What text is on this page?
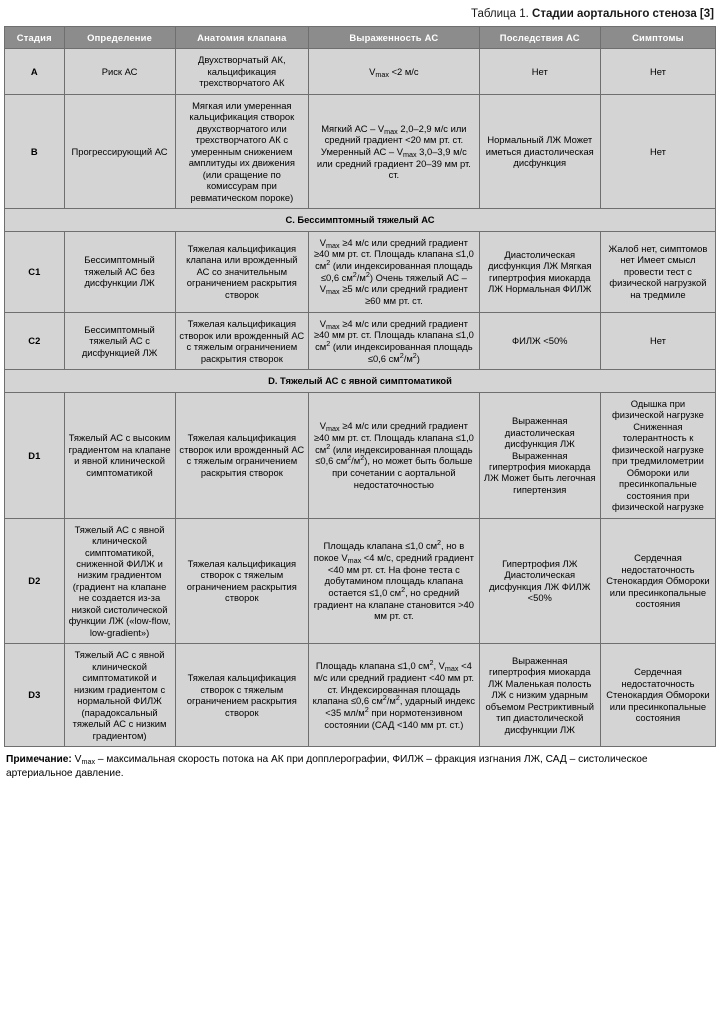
Таблица 1. Стадии аортального стеноза [3]
Стадия	Определение	Анатомия клапана	Выраженность АС	Последствия АС	Симптомы

A	Риск АС	Двухстворчатый АК, кальцификация трехстворчатого АК	$V_{max} <2$ м/с	Нет	Нет

B	Прогрессирующий АС	Мягкая или умеренная кальцификация створок двухстворчатого или трехстворчатого АК с умеренным снижением амплитуды их движения (или сращение по комиссурам при ревматическом пороке)	Мягкий АС – $V_{max}$ 2,0–2,9 м/с или средний градиент <20 мм рт. ст. Умеренный АС – $V_{max}$ 3,0–3,9 м/с или средний градиент 20–39 мм рт. ст.	Нормальный ЛЖ Может иметься диастолическая дисфункция	Нет

C. Бессимптомный тяжелый АС					

C1	Бессимптомный тяжелый АС без дисфункции ЛЖ	Тяжелая кальцификация клапана или врожденный АС со значительным ограничением раскрытия створок	$V_{max} \ge 4$ м/с или средний градиент ≥40 мм рт. ст. Площадь клапана ≤1,0 $см^2$ (или индексированная площадь ≤0,6 $см^2/м^2$) Очень тяжелый АС – $V_{max} \ge 5$ м/с или средний градиент ≥60 мм рт. ст.	Диастолическая дисфункция ЛЖ Мягкая гипертрофия миокарда ЛЖ Нормальная ФИЛЖ	Жалоб нет, симптомов нет Имеет смысл провести тест с физической нагрузкой на тредмиле

C2	Бессимптомный тяжелый АС с дисфункцией ЛЖ	Тяжелая кальцификация створок или врожденный АС с тяжелым ограничением раскрытия створок	$V_{max} \ge 4$ м/с или средний градиент ≥40 мм рт. ст. Площадь клапана ≤1,0 $см^2$ (или индексированная площадь ≤0,6 $см^2/м^2$)	ФИЛЖ <50%	Нет

D. Тяжелый АС с явной симптоматикой					

D1	Тяжелый АС с высоким градиентом на клапане и явной клинической симптоматикой	Тяжелая кальцификация створок или врожденный АС с тяжелым ограничением раскрытия створок	$V_{max} \ge 4$ м/с или средний градиент ≥40 мм рт. ст. Площадь клапана ≤1,0 $см^2$ (или индексированная площадь ≤0,6 $см^2/м^2$), но может быть больше при сочетании с аортальной недостаточностью	Выраженная диастолическая дисфункция ЛЖ Выраженная гипертрофия миокарда ЛЖ Может быть легочная гипертензия	Одышка при физической нагрузке Сниженная толерантность к физической нагрузке при тредмилометрии Обмороки или пресинкопальные состояния при физической нагрузке

D2	Тяжелый АС с явной клинической симптоматикой, сниженной ФИЛЖ и низким градиентом (градиент на клапане не создается из-за низкой систолической функции ЛЖ («low-flow, low-gradient»)	Тяжелая кальцификация створок с тяжелым ограничением раскрытия створок	Площадь клапана ≤1,0 $см^2$, но в покое $V_{max} <4$ м/с, средний градиент <40 мм рт. ст. На фоне теста с добутамином площадь клапана остается ≤1,0 $см^2$, но средний градиент на клапане становится >40 мм рт. ст.	Гипертрофия ЛЖ Диастолическая дисфункция ЛЖ ФИЛЖ <50%	Сердечная недостаточность Стенокардия Обмороки или пресинкопальные состояния

D3	Тяжелый АС с явной клинической симптоматикой и низким градиентом с нормальной ФИЛЖ (парадоксальный тяжелый АС с низким градиентом)	Тяжелая кальцификация створок с тяжелым ограничением раскрытия створок	Площадь клапана ≤1,0 $см^2$, $V_{max} <4$ м/с или средний градиент <40 мм рт. ст. Индексированная площадь клапана ≤0,6 $см^2/м^2$, ударный индекс <35 $мл/м^2$ при нормотензивном состоянии (САД <140 мм рт. ст.)	Выраженная гипертрофия миокарда ЛЖ Маленькая полость ЛЖ с низким ударным объемом Рестриктивный тип диастолической дисфункции ЛЖ	Сердечная недостаточность Стенокардия Обмороки или пресинкопальные состояния
Примечание: $V_{max}$ – максимальная скорость потока на АК при допплерографии, ФИЛЖ – фракция изгнания ЛЖ, САД – систолическое артериальное давление.
